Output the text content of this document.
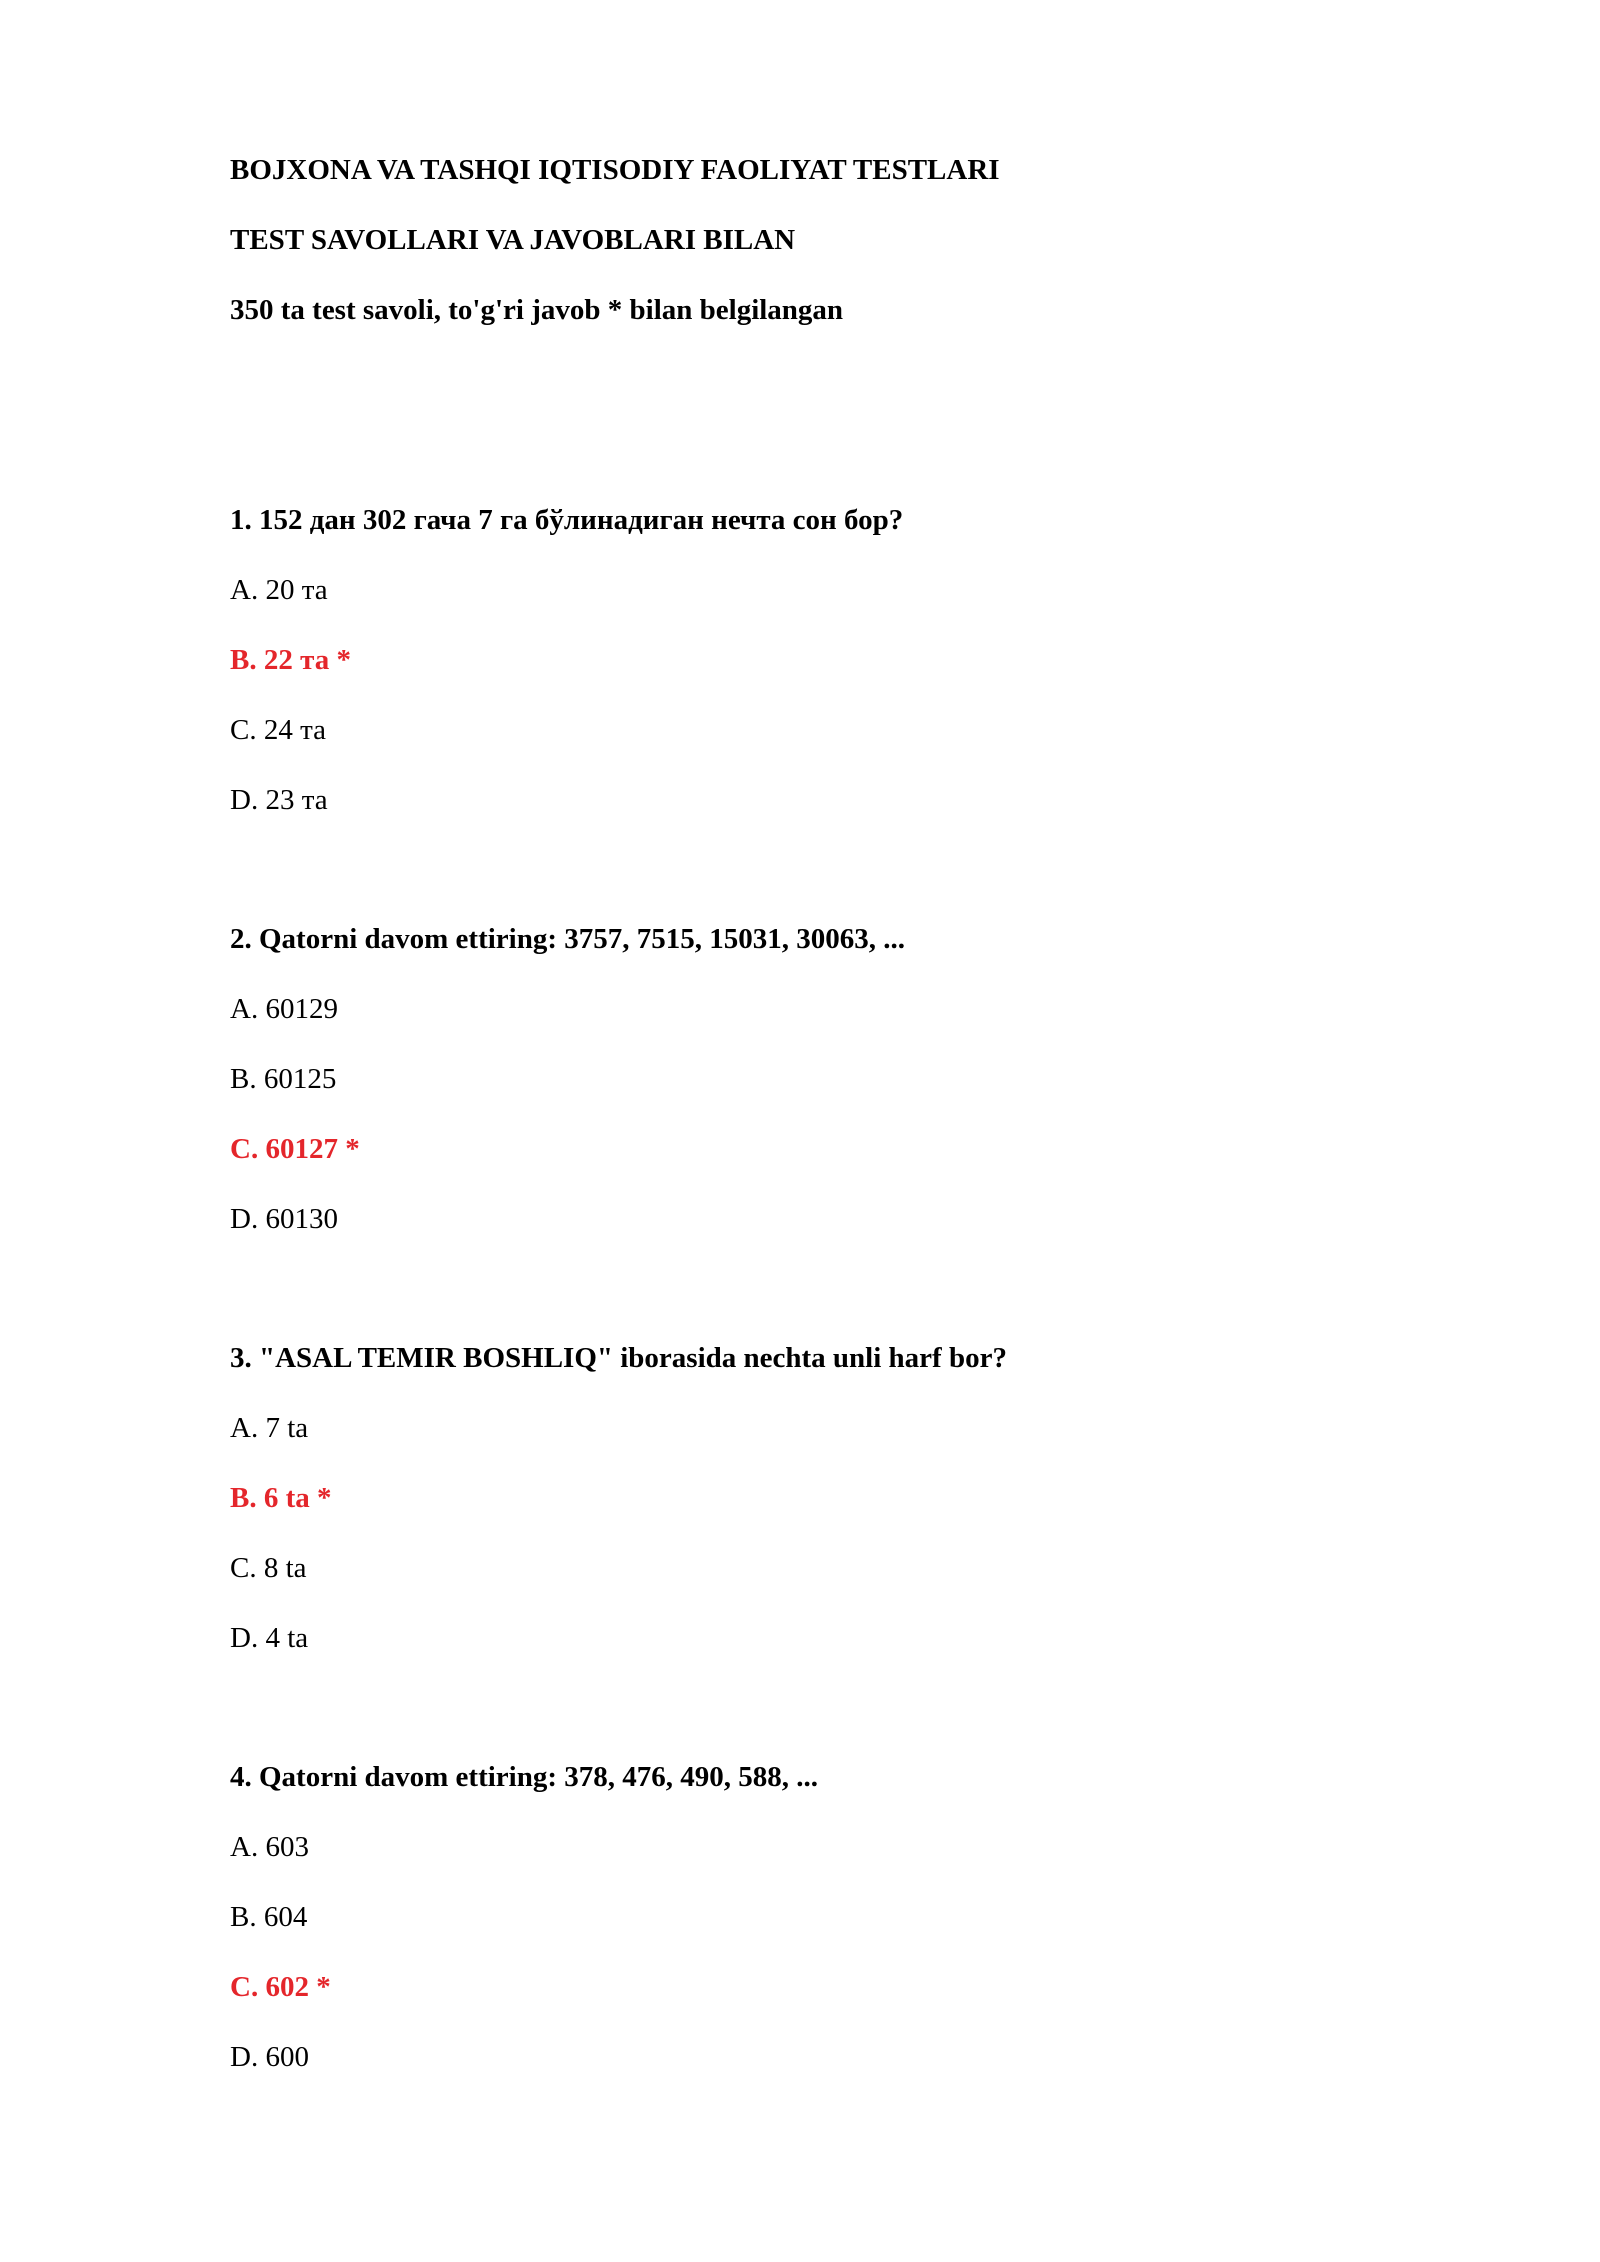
BOJXONA VA TASHQI IQTISODIY FAOLIYAT TESTLARI
TEST SAVOLLARI VA JAVOBLARI BILAN
350 ta test savoli, to'g'ri javob * bilan belgilangan
1. 152 дан 302 гача 7 га бўлинадиган нечта сон бор?
A. 20 та
B. 22 та *
C. 24 та
D. 23 та
2. Qatorni davom ettiring: 3757, 7515, 15031, 30063, ...
A. 60129
B. 60125
C. 60127 *
D. 60130
3. "ASAL TEMIR BOSHLIQ" iborasida nechta unli harf bor?
A. 7 ta
B. 6 ta *
C. 8 ta
D. 4 ta
4. Qatorni davom ettiring: 378, 476, 490, 588, ...
A. 603
B. 604
C. 602 *
D. 600
